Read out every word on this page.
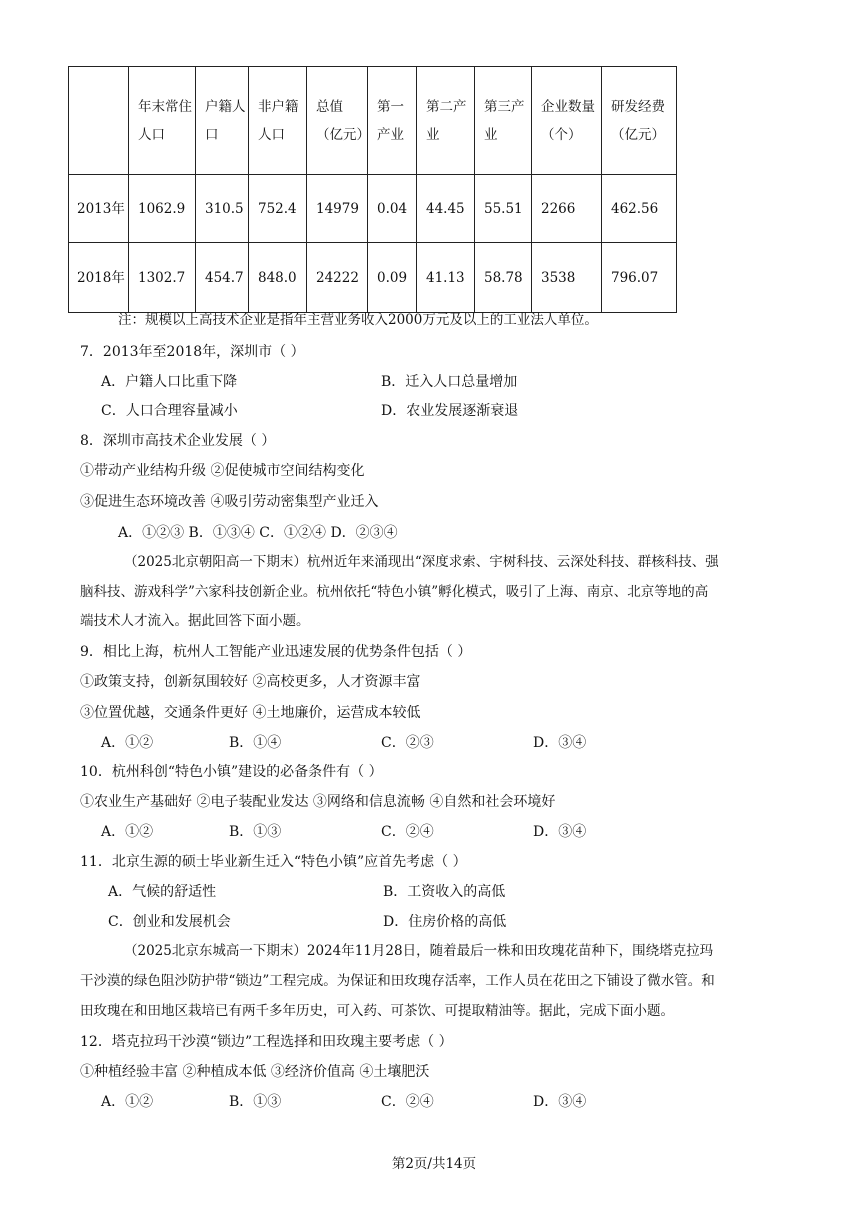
	年末常住人口	户籍人口	非户籍人口	总值（亿元）	第一产业	第二产业	第三产业	企业数量（个）	研发经费（亿元）
2013年	1062.9	310.5	752.4	14979	0.04	44.45	55.51	2266	462.56
2018年	1302.7	454.7	848.0	24222	0.09	41.13	58.78	3538	796.07
注：规模以上高技术企业是指年主营业务收入2000万元及以上的工业法人单位。
7．2013年至2018年，深圳市（ ）
A．户籍人口比重下降	B．迁入人口总量增加
C．人口合理容量减小	D．农业发展逐渐衰退
8．深圳市高技术企业发展（ ）
①带动产业结构升级 ②促使城市空间结构变化
③促进生态环境改善 ④吸引劳动密集型产业迁入
A．①②③ B．①③④ C．①②④ D．②③④
（2025北京朝阳高一下期末）杭州近年来涌现出“深度求索、宇树科技、云深处科技、群核科技、强
脑科技、游戏科学”六家科技创新企业。杭州依托“特色小镇”孵化模式，吸引了上海、南京、北京等地的高
端技术人才流入。据此回答下面小题。
9．相比上海，杭州人工智能产业迅速发展的优势条件包括（ ）
①政策支持，创新氛围较好 ②高校更多，人才资源丰富
③位置优越，交通条件更好 ④土地廉价，运营成本较低
A．①②	B．①④	C．②③	D．③④
10．杭州科创“特色小镇”建设的必备条件有（ ）
①农业生产基础好 ②电子装配业发达 ③网络和信息流畅 ④自然和社会环境好
A．①②	B．①③	C．②④	D．③④
11．北京生源的硕士毕业新生迁入“特色小镇”应首先考虑（ ）
A．气候的舒适性	B．工资收入的高低
C．创业和发展机会	D．住房价格的高低
（2025北京东城高一下期末）2024年11月28日，随着最后一株和田玫瑰花苗种下，围绕塔克拉玛
干沙漠的绿色阻沙防护带“锁边”工程完成。为保证和田玫瑰存活率，工作人员在花田之下铺设了微水管。和
田玫瑰在和田地区栽培已有两千多年历史，可入药、可茶饮、可提取精油等。据此，完成下面小题。
12．塔克拉玛干沙漠“锁边”工程选择和田玫瑰主要考虑（ ）
①种植经验丰富 ②种植成本低 ③经济价值高 ④土壤肥沃
A．①②	B．①③	C．②④	D．③④
第2页/共14页
